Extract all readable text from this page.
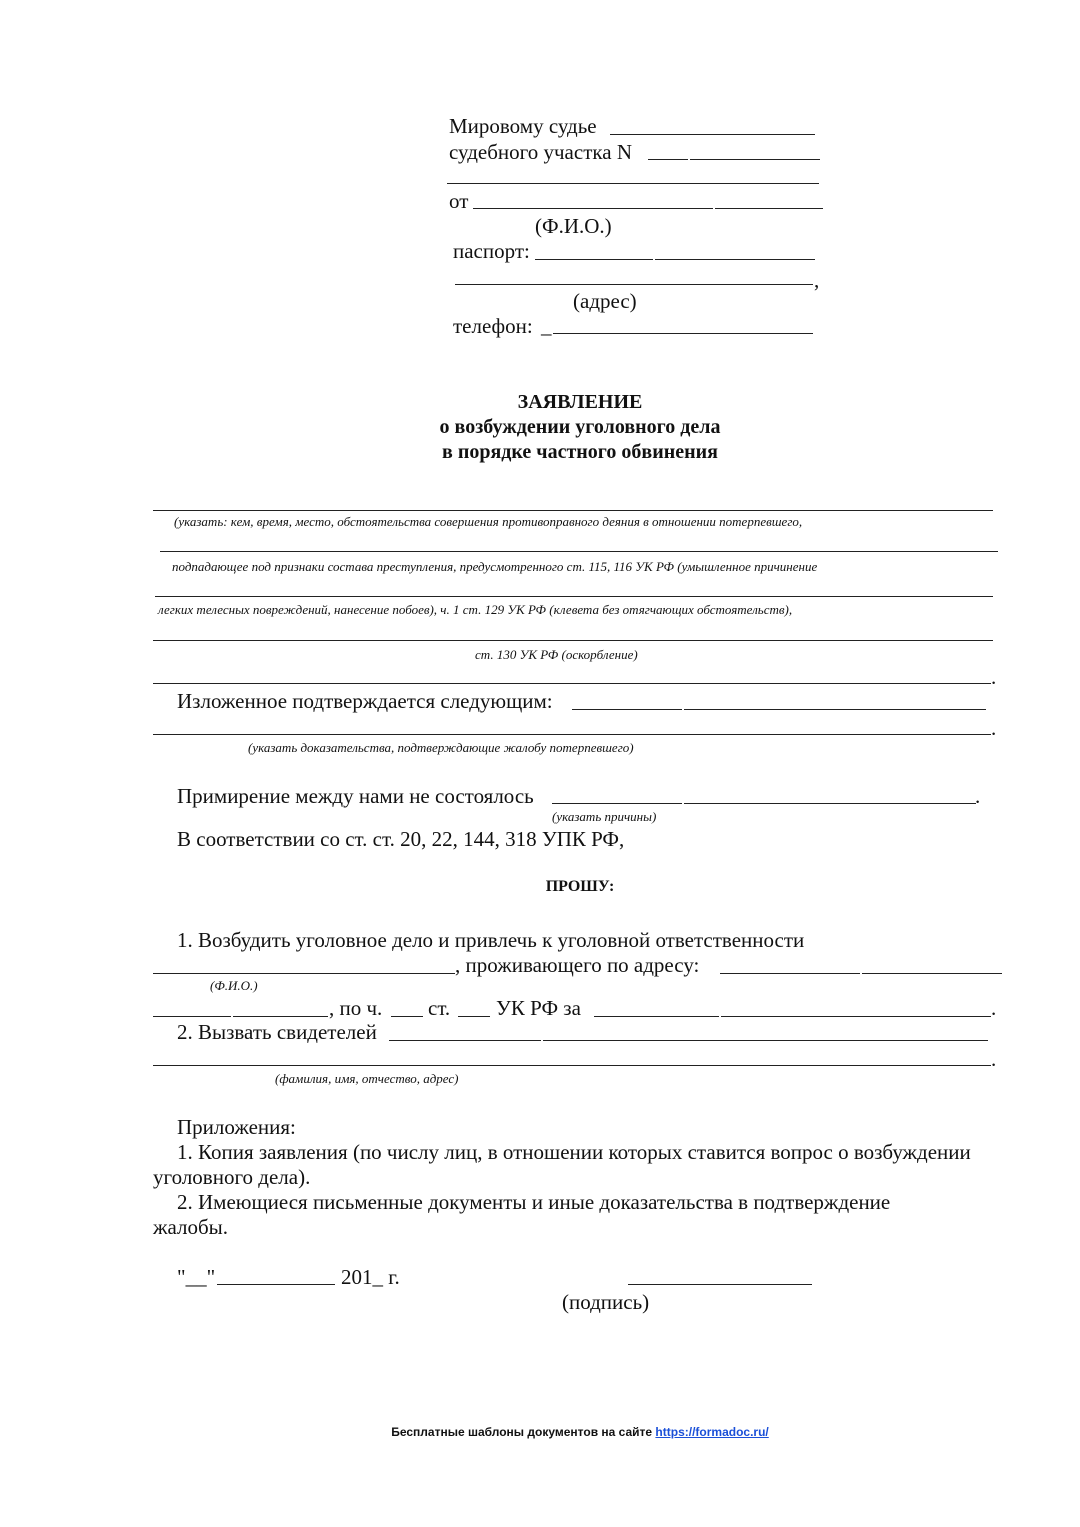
Мировому судье
судебного участка N
от
(Ф.И.О.)
паспорт:
,
(адрес)
телефон: _
ЗАЯВЛЕНИЕ
о возбуждении уголовного дела
в порядке частного обвинения
(указать: кем, время, место, обстоятельства совершения противоправного деяния в отношении потерпевшего,
подпадающее под признаки состава преступления, предусмотренного ст. 115, 116 УК РФ (умышленное причинение
легких телесных повреждений, нанесение побоев), ч. 1 ст. 129 УК РФ (клевета без отягчающих обстоятельств),
ст. 130 УК РФ (оскорбление)
.
Изложенное подтверждается следующим:
.
(указать доказательства, подтверждающие жалобу потерпевшего)
Примирение между нами не состоялось	.
(указать причины)
В соответствии со ст. ст. 20, 22, 144, 318 УПК РФ,
ПРОШУ:
1. Возбудить уголовное дело и привлечь к уголовной ответственности
, проживающего по адресу:
(Ф.И.О.)
, по ч. ст. УК РФ за	.
2. Вызвать свидетелей
.
(фамилия, имя, отчество, адрес)
Приложения:
1. Копия заявления (по числу лиц, в отношении которых ставится вопрос о возбуждении
уголовного дела).
2. Имеющиеся письменные документы и иные доказательства в подтверждение
жалобы.
"__"	201_ г.
(подпись)
Бесплатные шаблоны документов на сайте https://formadoc.ru/
